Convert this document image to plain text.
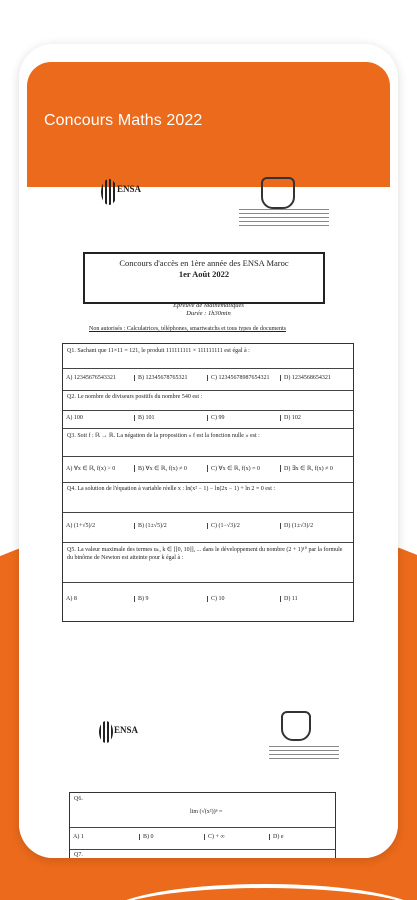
Concours Maths 2022
ENSA
Concours d'accès en 1ère année des ENSA Maroc
1er Août 2022
Epreuve de Mathématiques
Durée : 1h30min
Non autorisés : Calculatrices, téléphones, smartwatchs et tous types de documents
Q1. Sachant que 11×11 = 121, le produit 111111111 × 111111111 est égal à :
A) 12345676543321	B) 12345678765321	C) 12345678987654321	D) 1234568654321
Q2. Le nombre de diviseurs positifs du nombre 540 est :
A) 100	B) 101	C) 99	D) 102
Q3. Soit f : ℝ → ℝ. La négation de la proposition « f est la fonction nulle » est :
A) ∀x ∈ ℝ, f(x) > 0	B) ∀x ∈ ℝ, f(x) ≠ 0	C) ∀x ∈ ℝ, f(x) = 0	D) ∃x ∈ ℝ, f(x) ≠ 0
Q4. La solution de l'équation à variable réelle x : ln(x² − 1) − ln(2x − 1) + ln 2 = 0 est :
A) (1+√5)/2	B) (1±√5)/2	C) (1−√3)/2	D) (1±√3)/2
Q5. La valeur maximale des termes uₖ, k ∈ [[0, 10]], ... dans le développement du nombre (2 + 1)¹⁰ par la formule du binôme de Newton est atteinte pour k égal à :
A) 8	B) 9	C) 10	D) 11
ENSA
Q6.
lim (√(x²))ⁿ =
A) 1	B) 0	C) + ∞	D) e
Q7.
